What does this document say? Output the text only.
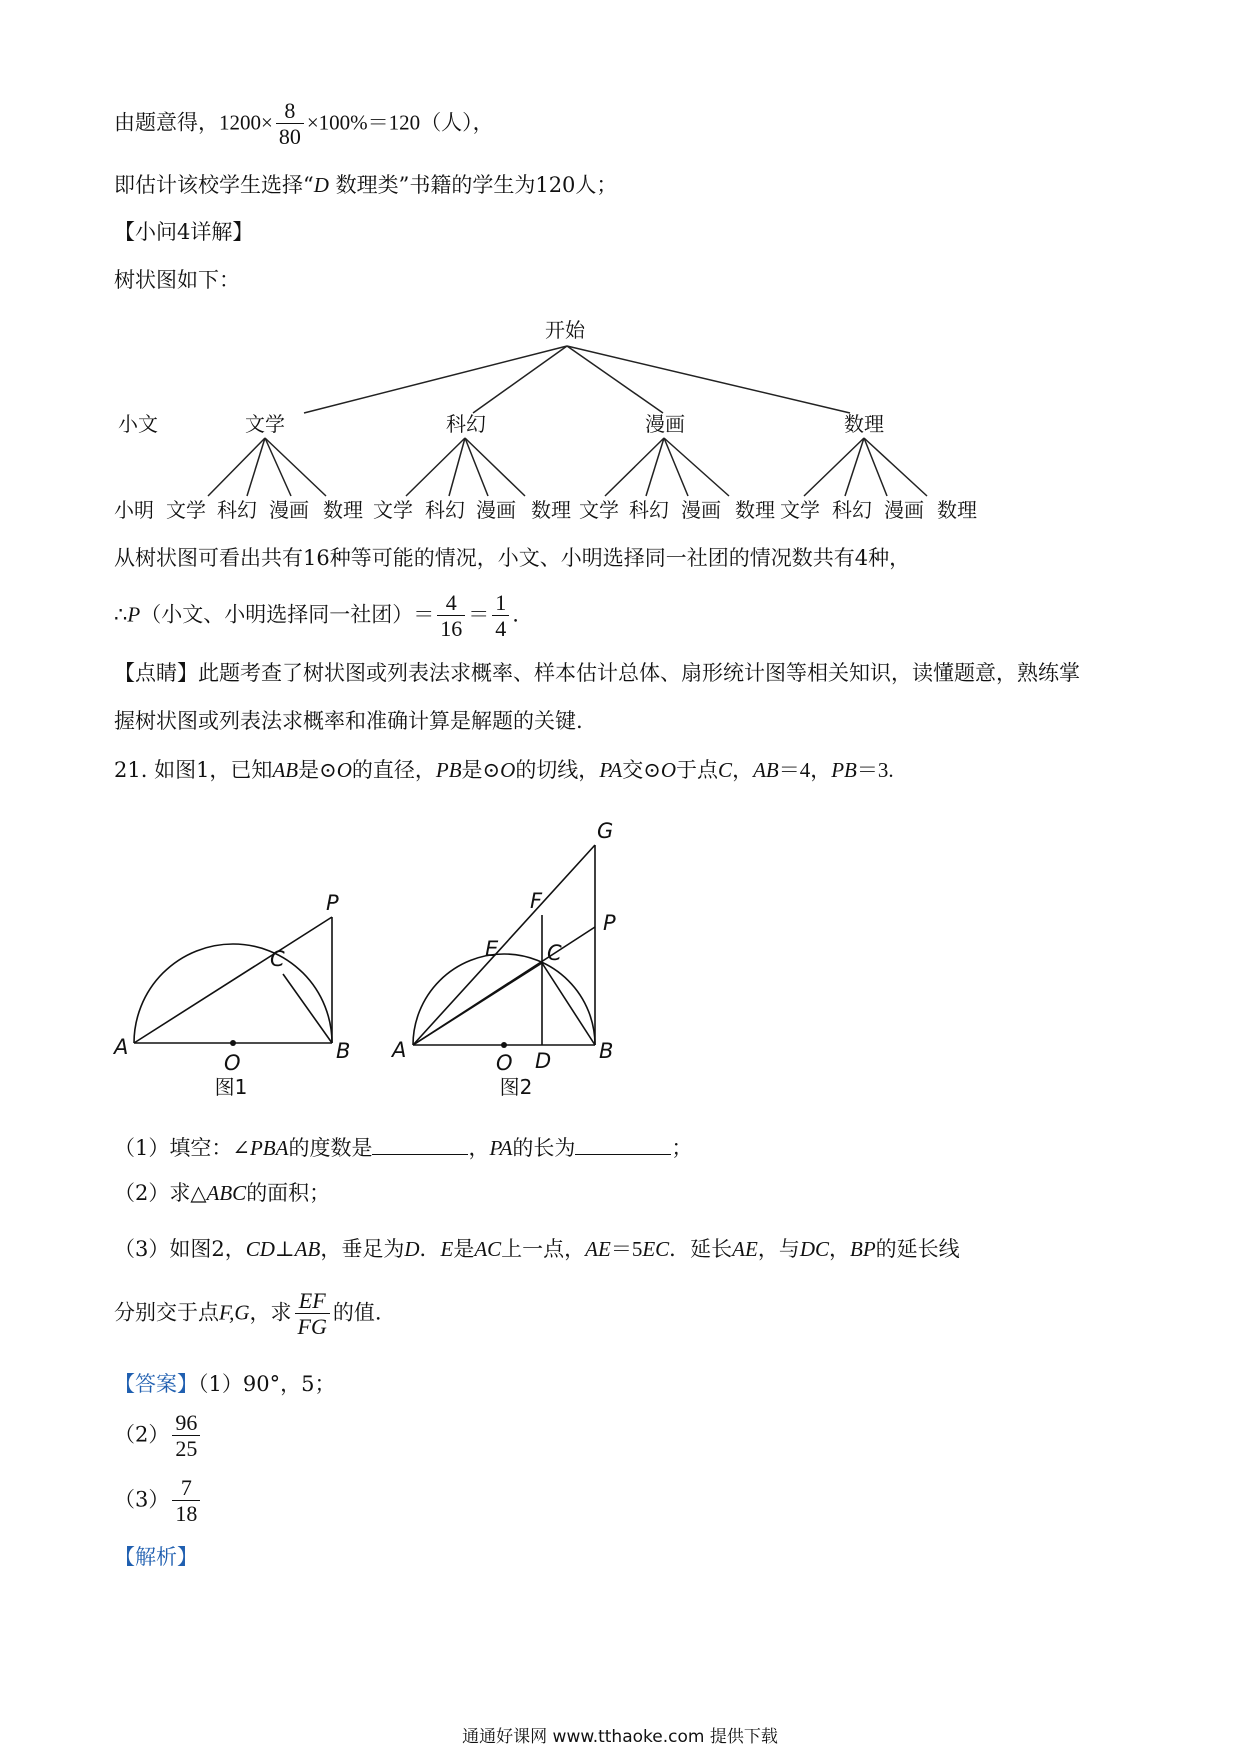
由题意得，$1200\times \frac{8}{80} \times 100\%=120$（人），
即估计该校学生选择“D 数理类”书籍的学生为120人；
【小问4详解】
树状图如下：
开始
小文	文学	科幻	漫画	数理
小明 文学 科幻 漫画 数理 文学 科幻 漫画 数理 文学 科幻 漫画 数理 文学 科幻 漫画 数理
从树状图可看出共有16种等可能的情况，小文、小明选择同一社团的情况数共有4种，
∴P（小文、小明选择同一社团）＝ $\frac{4}{16} = \frac{1}{4}$ .
【点睛】此题考查了树状图或列表法求概率、样本估计总体、扇形统计图等相关知识，读懂题意，熟练掌
握树状图或列表法求概率和准确计算是解题的关键.
21. 如图1，已知AB是⊙O的直径，PB是⊙O的切线，PA交⊙O于点C，AB＝4，PB＝3.
A	B
C
O
P
图1
A	B
C
D
E
F
G
O
P
图2
（1）填空：∠PBA的度数是	，PA的长为	；
（2）求△ABC的面积；
（3）如图2，CD⊥AB，垂足为D．E是AC上一点，AE＝5EC．延长AE，与DC，BP的延长线
分别交于点F,G，求 $\frac{EF}{FG}$ 的值.
【答案】（1）90°，5；
$(2) \frac{96}{25}$
$(3) \frac{7}{18}$
【解析】
通通好课网 www.tthaoke.com 提供下载
